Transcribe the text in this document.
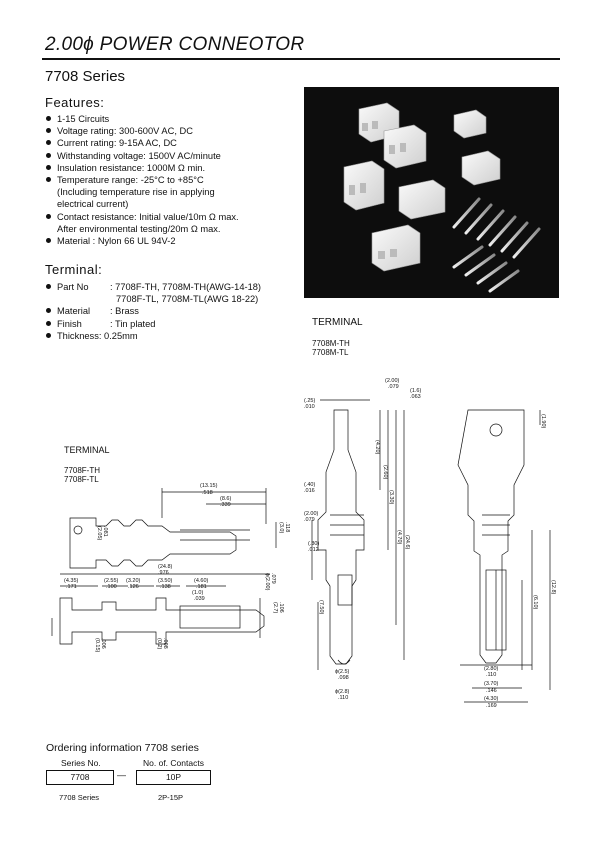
2.00ϕ POWER CONNEOTOR
7708 Series
Features:
1-15 Circuits
Voltage rating: 300-600V AC, DC
Current rating: 9-15A AC, DC
Withstanding voltage: 1500V AC/minute
Insulation resistance: 1000M Ω min.
Temperature range: -25°C to +85°C
(Including temperature rise in applying
electrical current)
Contact resistance: Initial value/10m Ω max.
After environmental testing/20m Ω max.
Material : Nylon 66 UL 94V-2
Terminal:
Part No	: 7708F-TH, 7708M-TH(AWG-14-18)
7708F-TL, 7708M-TL(AWG 18-22)
Material	: Brass
Finish	: Tin plated
Thickness : 0.25mm
TERMINAL
7708M-TH
7708M-TL
TERMINAL
7708F-TH
7708F-TL
(2.00)
.079
(1.6)
.063
(.25)
.010
(.40)
.016
(2.00)
.079
(.30)
.012
ϕ(2.5)
.098
ϕ(2.8)
.110
(4.20)
(2.60)
(3.30)
(4.70) (24.6)
(7.50)
(2.80)
.110
(3.70)
.146
(4.30)
.169
(12.8)
(6.10)
(1.90)
(13.15)
.518
(8.6)
.339
(24.8)
.976
(4.35)
.171
(2.55)
.100
(3.20)
.126
(3.50)
.138
(4.60)
.181
(1.0)
.039
(2.05) .081	(3.0) .118
ϕ(2.00) .079
(0.15) .006	(0.2) .008
(2.7) .106
Ordering information 7708 series
Series No.	No. of. Contacts
7708	—	10P
7708 Series	2P-15P
